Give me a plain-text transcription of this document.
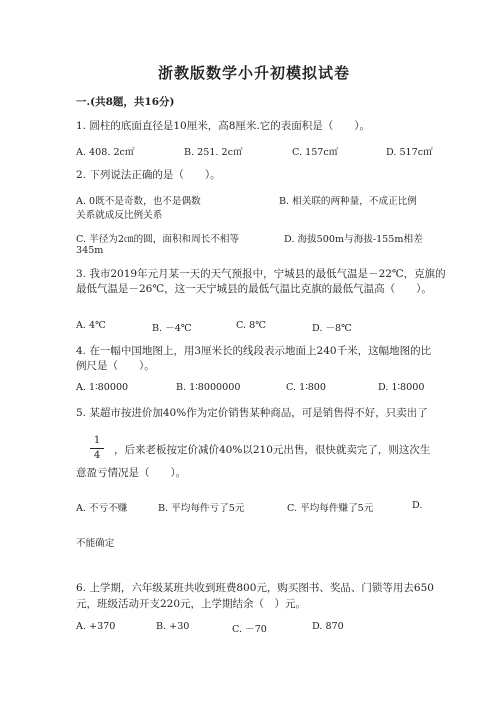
浙教版数学小升初模拟试卷
一.(共8题，共16分)
1. 圆柱的底面直径是10厘米，高8厘米.它的表面积是（　　）。
A. 408. 2c㎡	B. 251. 2c㎡	C. 157c㎡	D. 517c㎡
2. 下列说法正确的是（　　）。
A. 0既不是奇数，也不是偶数
关系就成反比例关系
B. 相关联的两种量，不成正比例
C. 半径为2㎝的圆，面积和周长不相等	D. 海拔500m与海拔-155m相差
345m
3. 我市2019年元月某一天的天气预报中，宁城县的最低气温是－22℃，克旗的
最低气温是－26℃，这一天宁城县的最低气温比克旗的最低气温高（　　）。
A. 4℃	B. －4℃	C. 8℃	D. －8℃
4. 在一幅中国地图上，用3厘米长的线段表示地面上240千米，这幅地图的比
例尺是（　　）。
A. 1∶80000	B. 1∶8000000	C. 1∶800	D. 1∶8000
5. 某超市按进价加40%作为定价销售某种商品，可是销售得不好，只卖出了
1
4	，后来老板按定价减价40%以210元出售，很快就卖完了，则这次生
意盈亏情况是（　　）。
A. 不亏不赚	B. 平均每件亏了5元	C. 平均每件赚了5元	D.
不能确定
6. 上学期，六年级某班共收到班费800元，购买图书、奖品、门锁等用去650
元，班级活动开支220元，上学期结余（　）元。
A. +370	B. +30	C. －70	D. 870
